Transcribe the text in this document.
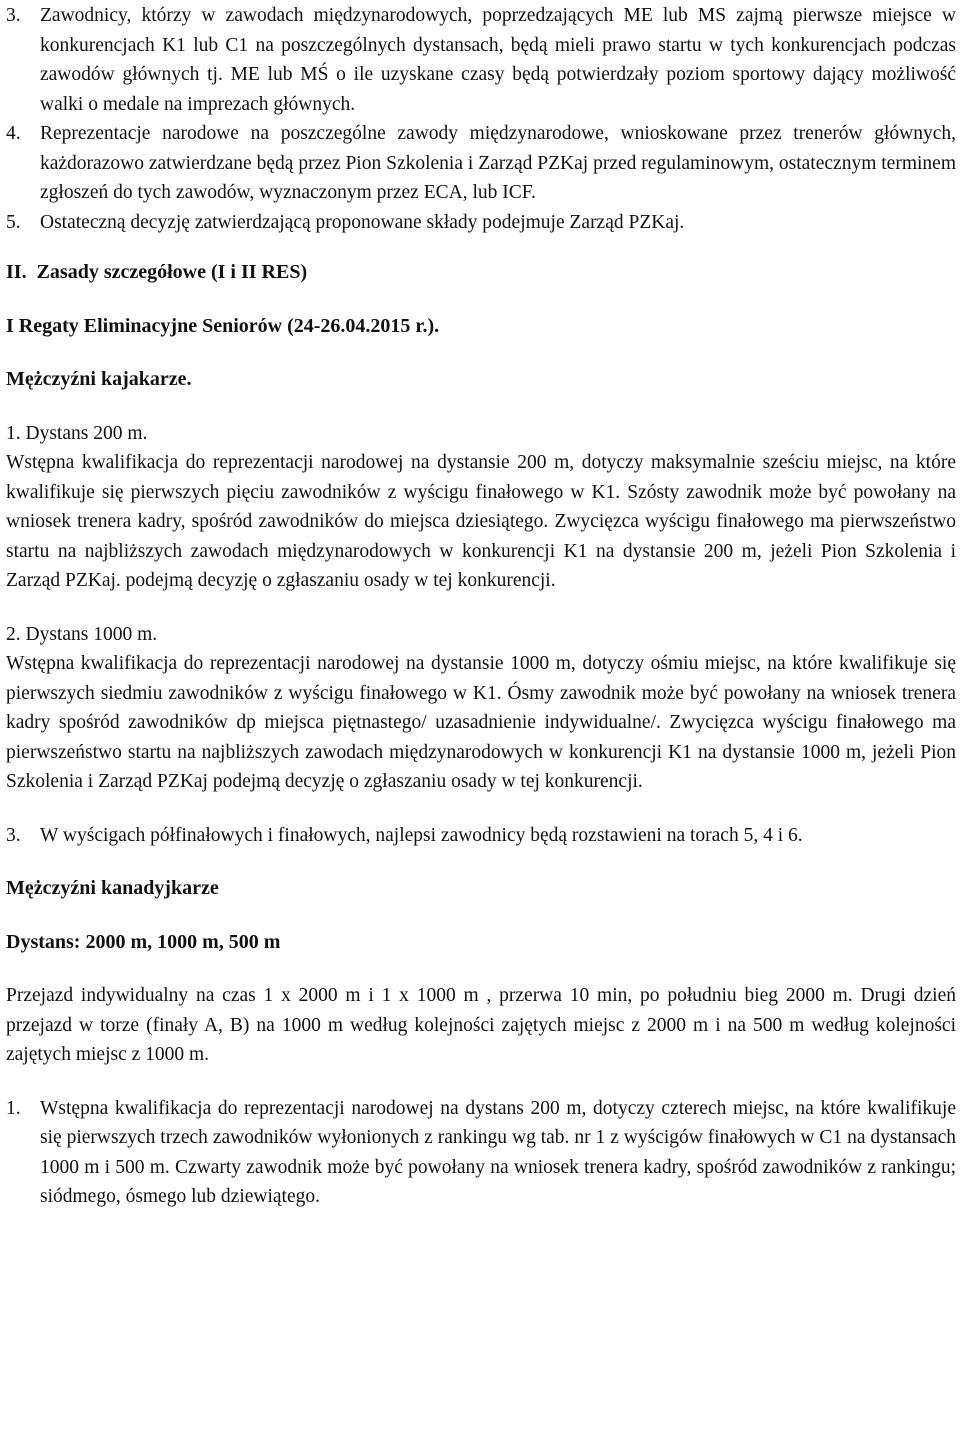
3. Zawodnicy, którzy w zawodach międzynarodowych, poprzedzających ME lub MS zajmą pierwsze miejsce w konkurencjach K1 lub C1 na poszczególnych dystansach, będą mieli prawo startu w tych konkurencjach podczas zawodów głównych tj. ME lub MŚ o ile uzyskane czasy będą potwierdzały poziom sportowy dający możliwość walki o medale na imprezach głównych.
4. Reprezentacje narodowe na poszczególne zawody międzynarodowe, wnioskowane przez trenerów głównych, każdorazowo zatwierdzane będą przez Pion Szkolenia i Zarząd PZKaj przed regulaminowym, ostatecznym terminem zgłoszeń do tych zawodów, wyznaczonym przez ECA, lub ICF.
5. Ostateczną decyzję zatwierdzającą proponowane składy podejmuje Zarząd PZKaj.

II.  Zasady szczegółowe (I i II RES)

I Regaty Eliminacyjne Seniorów (24-26.04.2015 r.).

Mężczyźni kajakarze.

1. Dystans 200 m.

Wstępna kwalifikacja do reprezentacji narodowej na dystansie 200 m, dotyczy maksymalnie sześciu miejsc, na które kwalifikuje się pierwszych pięciu zawodników z wyścigu finałowego w K1. Szósty zawodnik może być powołany na wniosek trenera kadry, spośród zawodników do miejsca dziesiątego. Zwycięzca wyścigu finałowego ma pierwszeństwo startu na najbliższych zawodach międzynarodowych w konkurencji K1 na dystansie 200 m, jeżeli Pion Szkolenia i Zarząd PZKaj. podejmą decyzję o zgłaszaniu osady w tej konkurencji.

2. Dystans 1000 m.

Wstępna kwalifikacja do reprezentacji narodowej na dystansie 1000 m, dotyczy ośmiu miejsc, na które kwalifikuje się pierwszych siedmiu zawodników z wyścigu finałowego w K1. Ósmy zawodnik może być powołany na wniosek trenera kadry spośród zawodników dp miejsca piętnastego/ uzasadnienie indywidualne/. Zwycięzca wyścigu finałowego ma pierwszeństwo startu na najbliższych zawodach międzynarodowych w konkurencji K1 na dystansie 1000 m, jeżeli Pion Szkolenia i Zarząd PZKaj podejmą decyzję o zgłaszaniu osady w tej konkurencji.

3. W wyścigach półfinałowych i finałowych, najlepsi zawodnicy będą rozstawieni na torach 5, 4 i 6.

Mężczyźni kanadyjkarze

Dystans: 2000 m, 1000 m, 500 m

Przejazd indywidualny na czas 1 x 2000 m i 1 x 1000 m , przerwa 10 min, po południu bieg 2000 m. Drugi dzień przejazd w torze (finały A, B) na 1000 m według kolejności zajętych miejsc z 2000 m i na 500 m według kolejności zajętych miejsc z 1000 m.

1. Wstępna kwalifikacja do reprezentacji narodowej na dystans 200 m, dotyczy czterech miejsc, na które kwalifikuje się pierwszych trzech zawodników wyłonionych z rankingu wg tab. nr 1 z wyścigów finałowych w C1 na dystansach 1000 m i 500 m. Czwarty zawodnik może być powołany na wniosek trenera kadry, spośród zawodników z rankingu; siódmego, ósmego lub dziewiątego.
